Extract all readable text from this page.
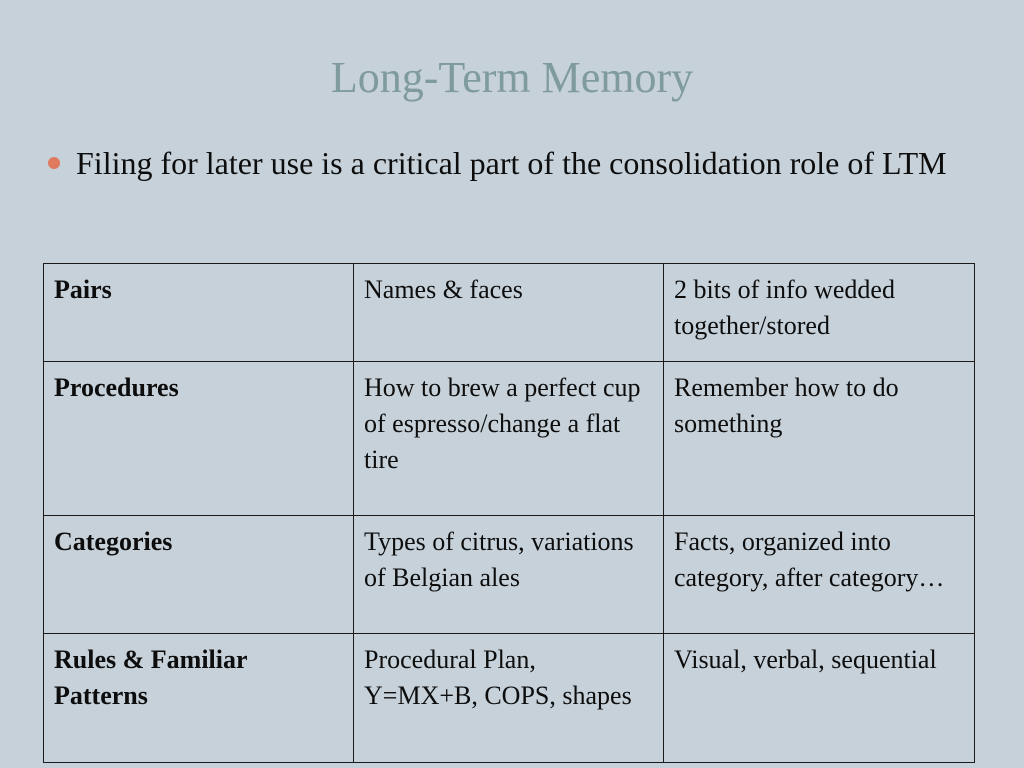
Long-Term Memory
Filing for later use is a critical part of the consolidation role of LTM
Pairs	Names & faces	2 bits of info wedded together/stored
Procedures	How to brew a perfect cup of espresso/change a flat tire	Remember how to do something
Categories	Types of citrus, variations of Belgian ales	Facts, organized into category, after category…
Rules & Familiar Patterns	Procedural Plan, Y=MX+B, COPS, shapes	Visual, verbal, sequential
